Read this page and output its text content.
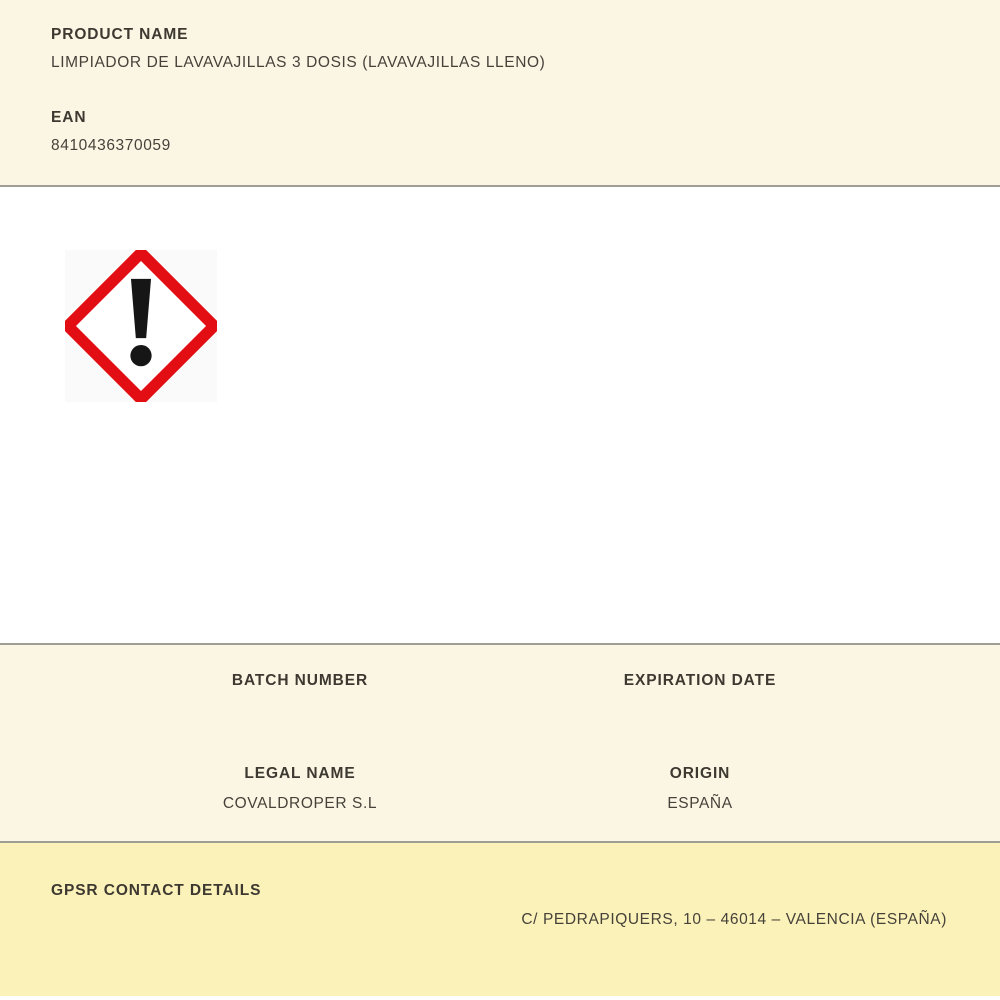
PRODUCT NAME
LIMPIADOR DE LAVAVAJILLAS 3 DOSIS (LAVAVAJILLAS LLENO)
EAN
8410436370059
BATCH NUMBER	EXPIRATION DATE
LEGAL NAME
COVALDROPER S.L
ORIGIN
ESPAÑA
GPSR CONTACT DETAILS
C/ PEDRAPIQUERS, 10 – 46014 – VALENCIA (ESPAÑA)
